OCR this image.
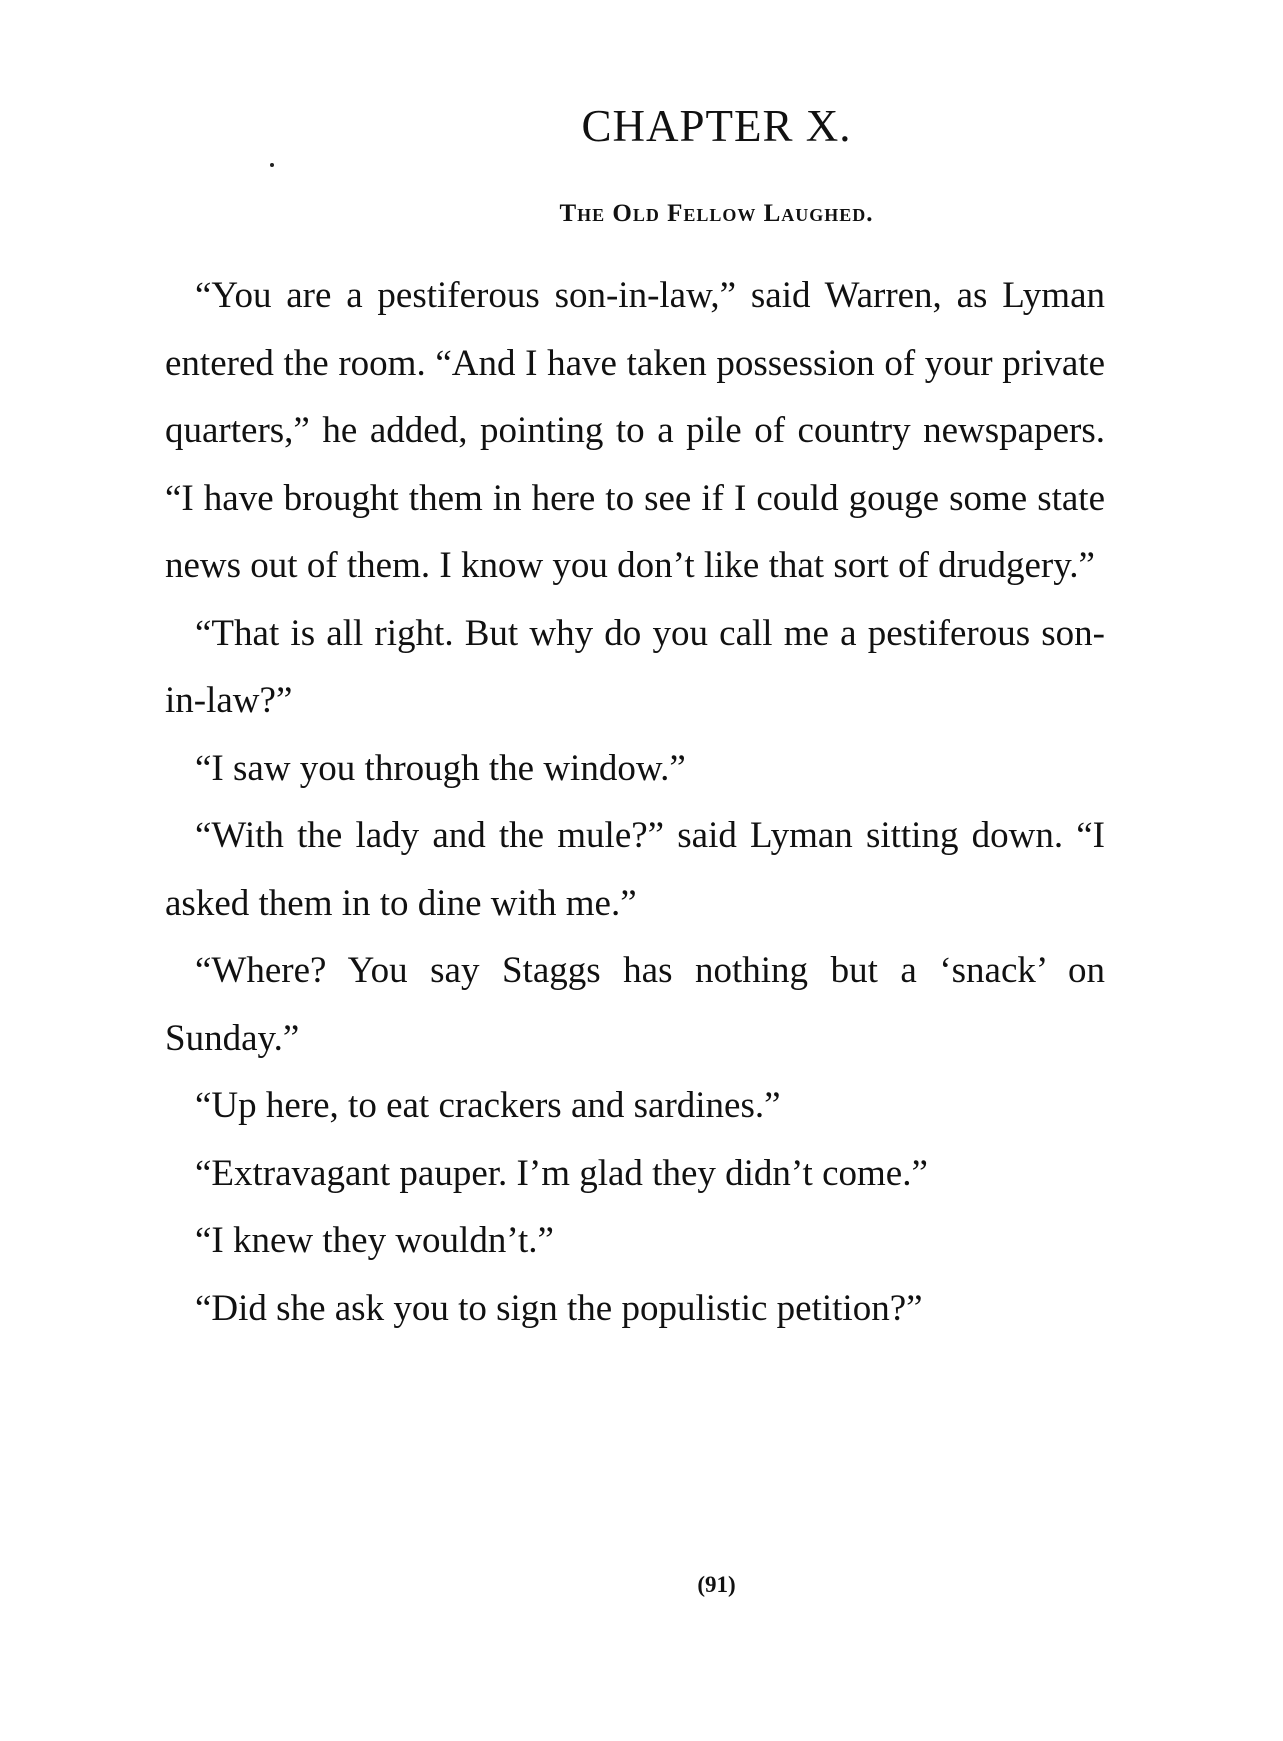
CHAPTER X.
The Old Fellow Laughed.

“You are a pestiferous son-in-law,” said Warren, as Lyman entered the room. “And I have taken possession of your private quarters,” he added, pointing to a pile of country newspapers. “I have brought them in here to see if I could gouge some state news out of them. I know you don’t like that sort of drudgery.”

“That is all right. But why do you call me a pestiferous son-in-law?”

“I saw you through the window.”

“With the lady and the mule?” said Lyman sitting down. “I asked them in to dine with me.”

“Where? You say Staggs has nothing but a ‘snack’ on Sunday.”

“Up here, to eat crackers and sardines.”

“Extravagant pauper. I’m glad they didn’t come.”

“I knew they wouldn’t.”

“Did she ask you to sign the populistic petition?”

(91)
